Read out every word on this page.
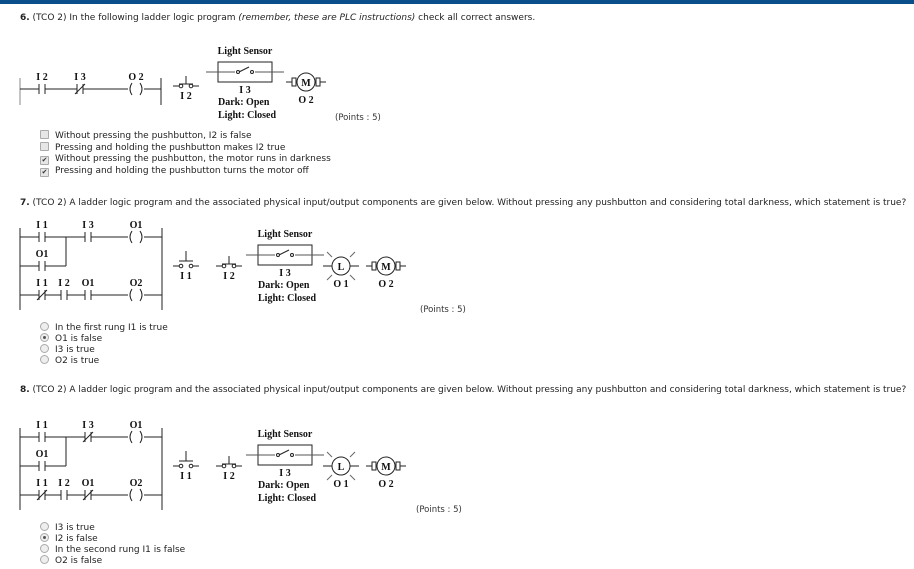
6. (TCO 2) In the following ladder logic program (remember, these are PLC instructions) check all correct answers.
(Points : 5)
Without pressing the pushbutton, I2 is false
Pressing and holding the pushbutton makes I2 true
✔ Without pressing the pushbutton, the motor runs in darkness
✔ Pressing and holding the pushbutton turns the motor off
7. (TCO 2) A ladder logic program and the associated physical input/output components are given below. Without pressing any pushbutton and considering total darkness, which statement is true?
(Points : 5)
In the first rung I1 is true
O1 is false
I3 is true
O2 is true
8. (TCO 2) A ladder logic program and the associated physical input/output components are given below. Without pressing any pushbutton and considering total darkness, which statement is true?
(Points : 5)
I3 is true
I2 is false
In the second rung I1 is false
O2 is false
I 2	I 3	O 2
I 2
Light Sensor
I 3
Dark: Open
Light: Closed
M
O 2
I 1	I 3
O1
O1
I 1 I 2 O1	O2
I 1	I 2
Light Sensor
I 3
Dark: Open
Light: Closed
L
O 1
M
O 2
I 1	I 3
O1
O1
I 1 I 2 O1	O2
I 1	I 2
Light Sensor
I 3
Dark: Open
Light: Closed
L
O 1
M
O 2
